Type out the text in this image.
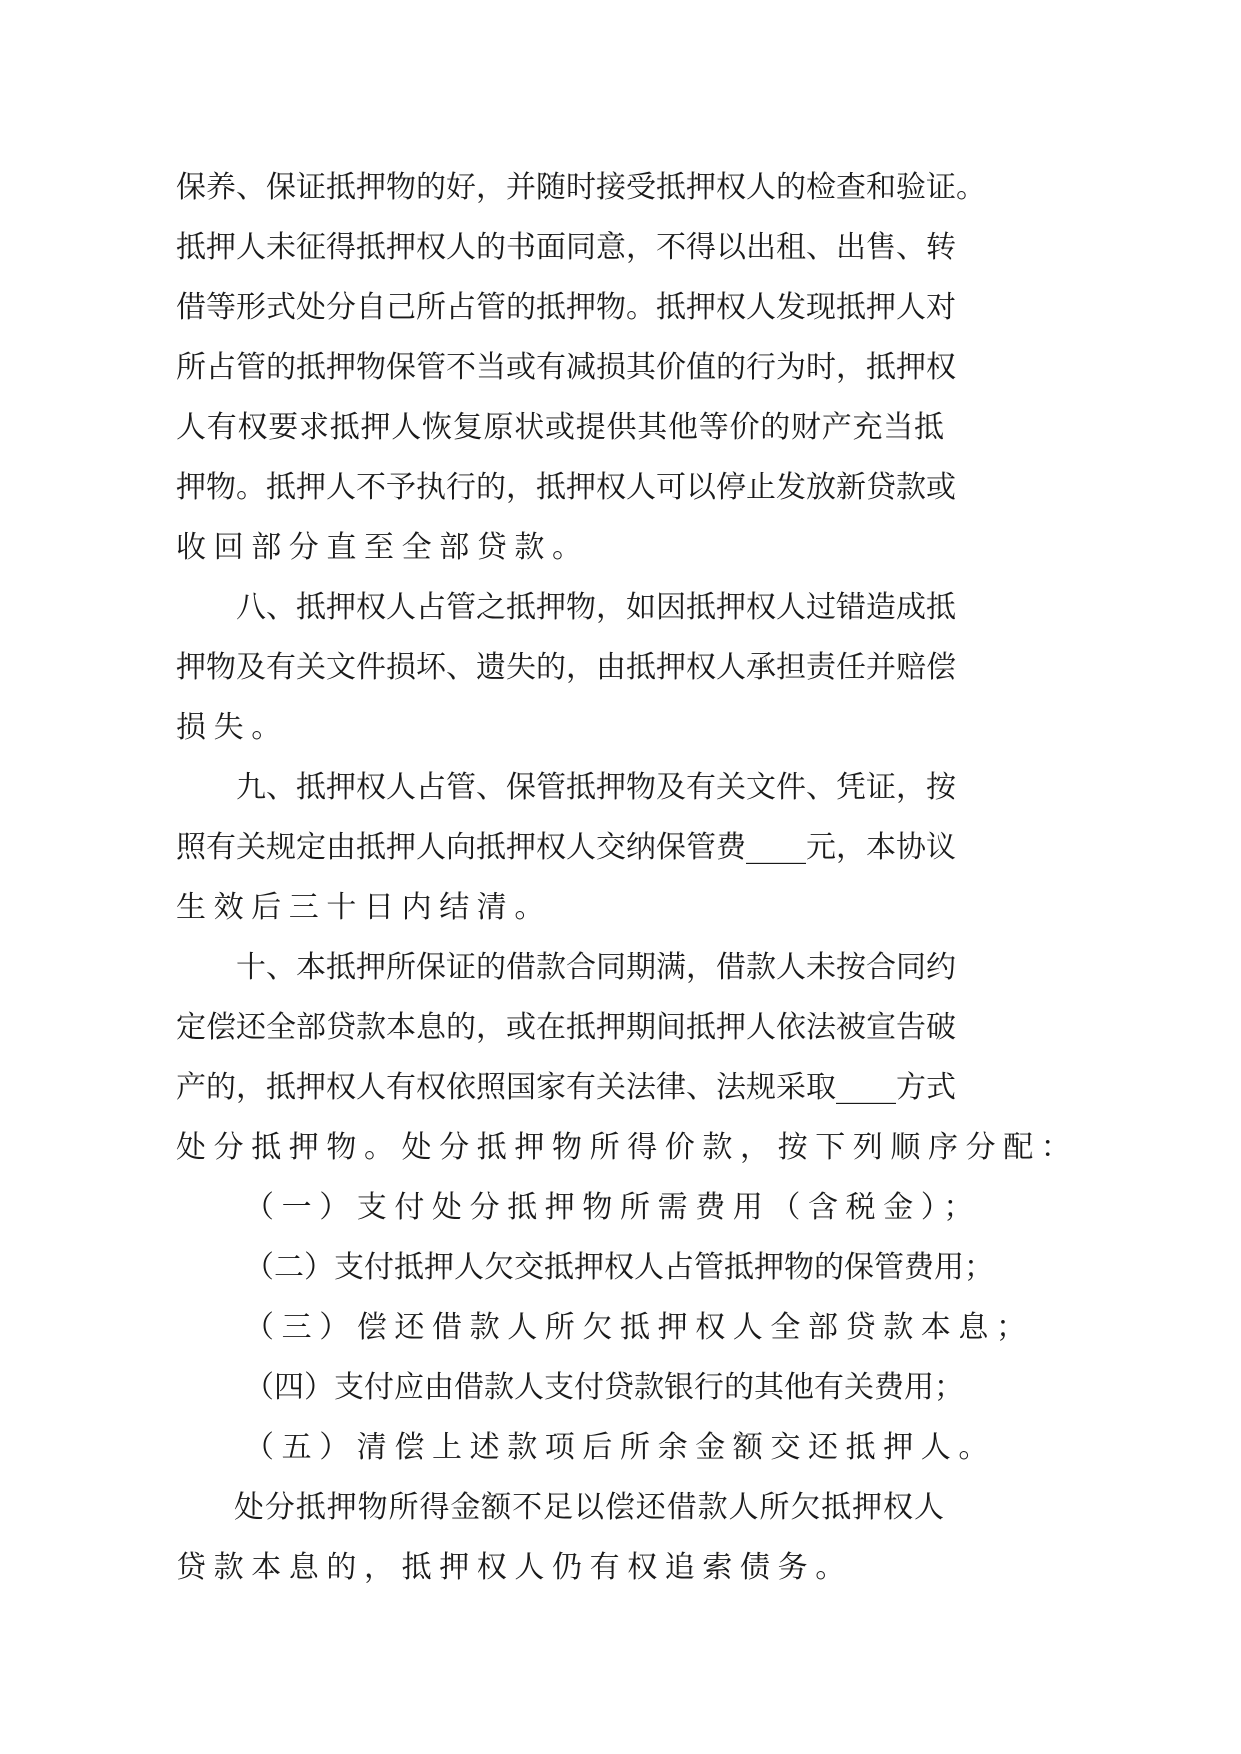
保 养 、 保 证 抵 押 物 的 好 ， 并 随 时 接 受 抵 押 权 人 的 检 查 和 验 证 。
抵 押 人 未 征 得 抵 押 权 人 的 书 面 同 意 ， 不 得 以 出 租 、 出 售 、 转
借 等 形 式 处 分 自 己 所 占 管 的 抵 押 物 。 抵 押 权 人 发 现 抵 押 人 对
所 占 管 的 抵 押 物 保 管 不 当 或 有 减 损 其 价 值 的 行 为 时 ， 抵 押 权
人 有 权 要 求 抵 押 人 恢 复 原 状 或 提 供 其 他 等 价 的 财 产 充 当 抵
押 物 。 抵 押 人 不 予 执 行 的 ， 抵 押 权 人 可 以 停 止 发 放 新 贷 款 或
收回部分直至全部贷款。
八 、 抵 押 权 人 占 管 之 抵 押 物 ， 如 因 抵 押 权 人 过 错 造 成 抵
押 物 及 有 关 文 件 损 坏 、 遗 失 的 ， 由 抵 押 权 人 承 担 责 任 并 赔 偿
损失。
九 、 抵 押 权 人 占 管 、 保 管 抵 押 物 及 有 关 文 件 、 凭 证 ， 按
照 有 关 规 定 由 抵 押 人 向 抵 押 权 人 交 纳 保 管 费 ____ 元 ， 本 协 议
生效后三十日内结清。
十 、 本 抵 押 所 保 证 的 借 款 合 同 期 满 ， 借 款 人 未 按 合 同 约
定 偿 还 全 部 贷 款 本 息 的 ， 或 在 抵 押 期 间 抵 押 人 依 法 被 宣 告 破
产 的 ， 抵 押 权 人 有 权 依 照 国 家 有 关 法 律 、 法 规 采 取 ____ 方 式
处分抵押物。处分抵押物所得价款，按下列顺序分配：
（一）支付处分抵押物所需费用（含税金）；
（ 二 ） 支 付 抵 押 人 欠 交 抵 押 权 人 占 管 抵 押 物 的 保 管 费 用 ；
（三）偿还借款人所欠抵押权人全部贷款本息；
（ 四 ） 支 付 应 由 借 款 人 支 付 贷 款 银 行 的 其 他 有 关 费 用 ；
（五）清偿上述款项后所余金额交还抵押人。
处 分 抵 押 物 所 得 金 额 不 足 以 偿 还 借 款 人 所 欠 抵 押 权 人
贷款本息的，抵押权人仍有权追索债务。
